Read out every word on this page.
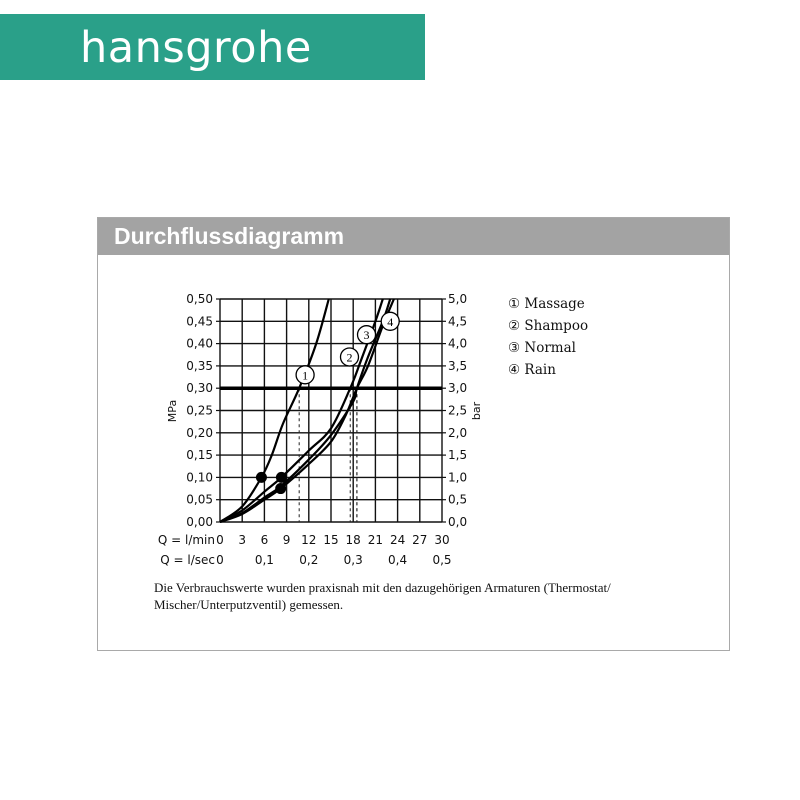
hansgrohe
Durchflussdiagramm
0,00
0,05
0,10
0,15
0,20
0,25
0,30
0,35
0,40
0,45
0,50
0,0
0,5
1,0
1,5
2,0
2,5
3,0
3,5
4,0
4,5
5,0
MPa	bar
Q = l/min
Q = l/sec
0 3 6 9 12 15 18 21 24 27 30
0	0,1 0,2 0,3 0,4 0,5
1
2
3
4
① Massage
② Shampoo
③ Normal
④ Rain
Die Verbrauchswerte wurden praxisnah mit den dazugehörigen Armaturen (Thermostat/ Mischer/Unterputzventil) gemessen.
